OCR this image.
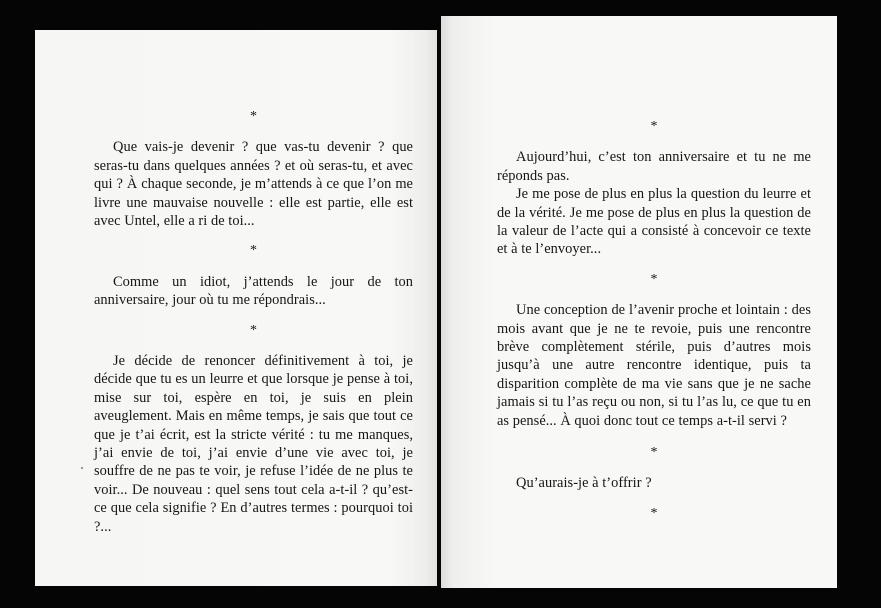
*

Que vais-je devenir ? que vas-tu devenir ? que seras-tu dans quelques années ? et où seras-tu, et avec qui ? À chaque seconde, je m’attends à ce que l’on me livre une mauvaise nouvelle : elle est partie, elle est avec Untel, elle a ri de toi...

*

Comme un idiot, j’attends le jour de ton anniversaire, jour où tu me répondrais...

*

Je décide de renoncer définitivement à toi, je décide que tu es un leurre et que lorsque je pense à toi, mise sur toi, espère en toi, je suis en plein aveuglement. Mais en même temps, je sais que tout ce que je t’ai écrit, est la stricte vérité : tu me manques, j’ai envie de toi, j’ai envie d’une vie avec toi, je souffre de ne pas te voir, je refuse l’idée de ne plus te voir... De nouveau : quel sens tout cela a-t-il ? qu’est-ce que cela signifie ? En d’autres termes : pourquoi toi ?...

*

Aujourd’hui, c’est ton anniversaire et tu ne me réponds pas.

Je me pose de plus en plus la question du leurre et de la vérité. Je me pose de plus en plus la question de la valeur de l’acte qui a consisté à concevoir ce texte et à te l’envoyer...

*

Une conception de l’avenir proche et lointain : des mois avant que je ne te revoie, puis une rencontre brève complètement stérile, puis d’autres mois jusqu’à une autre rencontre identique, puis ta disparition complète de ma vie sans que je ne sache jamais si tu l’as reçu ou non, si tu l’as lu, ce que tu en as pensé... À quoi donc tout ce temps a-t-il servi ?

*

Qu’aurais-je à t’offrir ?

*
